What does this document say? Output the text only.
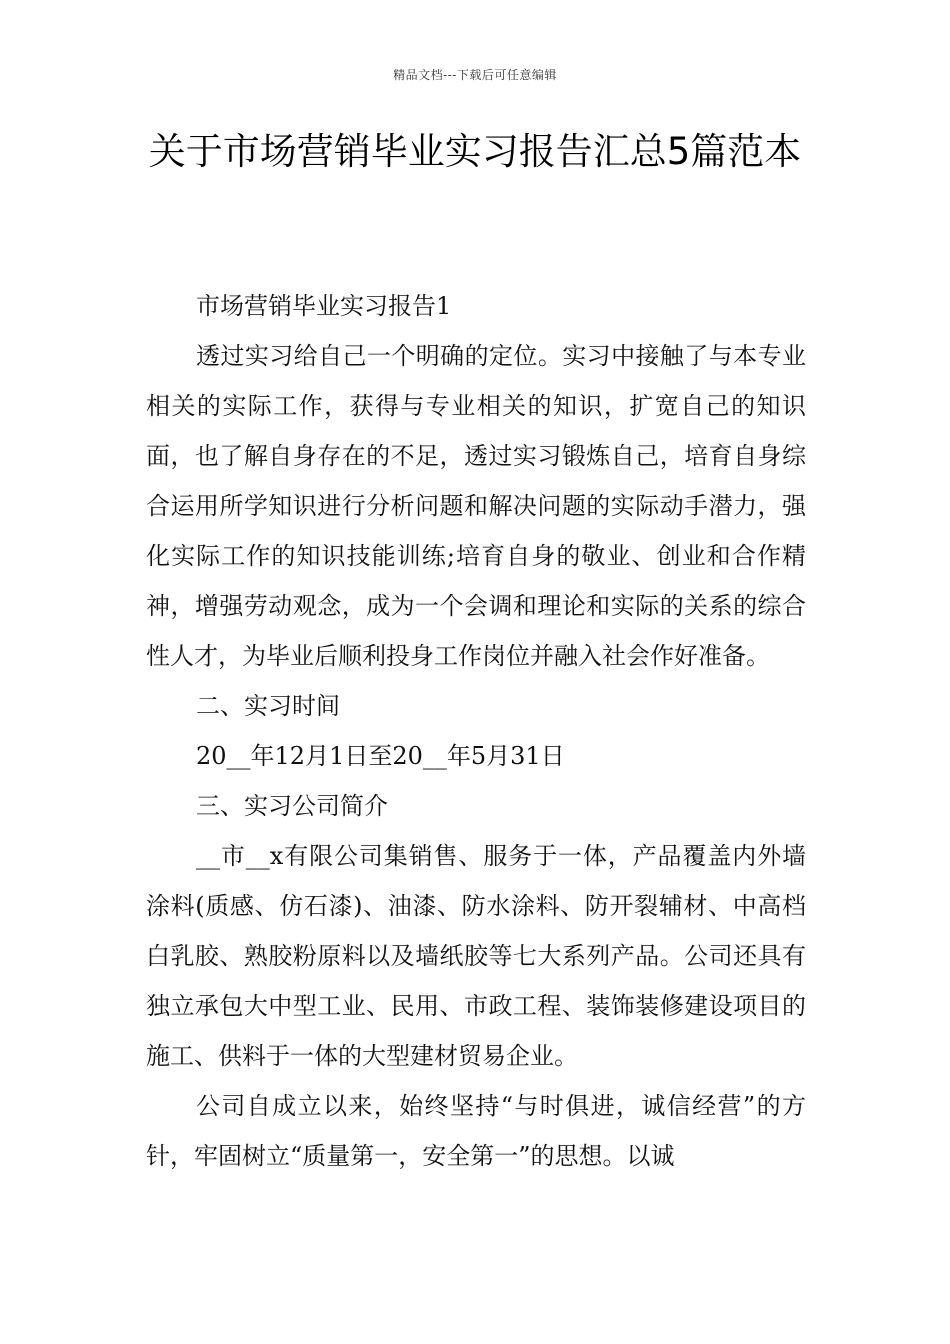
精品文档---下载后可任意编辑
关于市场营销毕业实习报告汇总5篇范本

市场营销毕业实习报告1

透过实习给自己一个明确的定位。实习中接触了与本专业相关的实际工作，获得与专业相关的知识，扩宽自己的知识面，也了解自身存在的不足，透过实习锻炼自己，培育自身综合运用所学知识进行分析问题和解决问题的实际动手潜力，强化实际工作的知识技能训练;培育自身的敬业、创业和合作精神，增强劳动观念，成为一个会调和理论和实际的关系的综合性人才，为毕业后顺利投身工作岗位并融入社会作好准备。

二、实习时间

20__年12月1日至20__年5月31日

三、实习公司简介

__市__x有限公司集销售、服务于一体，产品覆盖内外墙涂料(质感、仿石漆)、油漆、防水涂料、防开裂辅材、中高档白乳胶、熟胶粉原料以及墙纸胶等七大系列产品。公司还具有独立承包大中型工业、民用、市政工程、装饰装修建设项目的施工、供料于一体的大型建材贸易企业。

公司自成立以来，始终坚持“与时俱进，诚信经营”的方针，牢固树立“质量第一，安全第一”的思想。以诚
